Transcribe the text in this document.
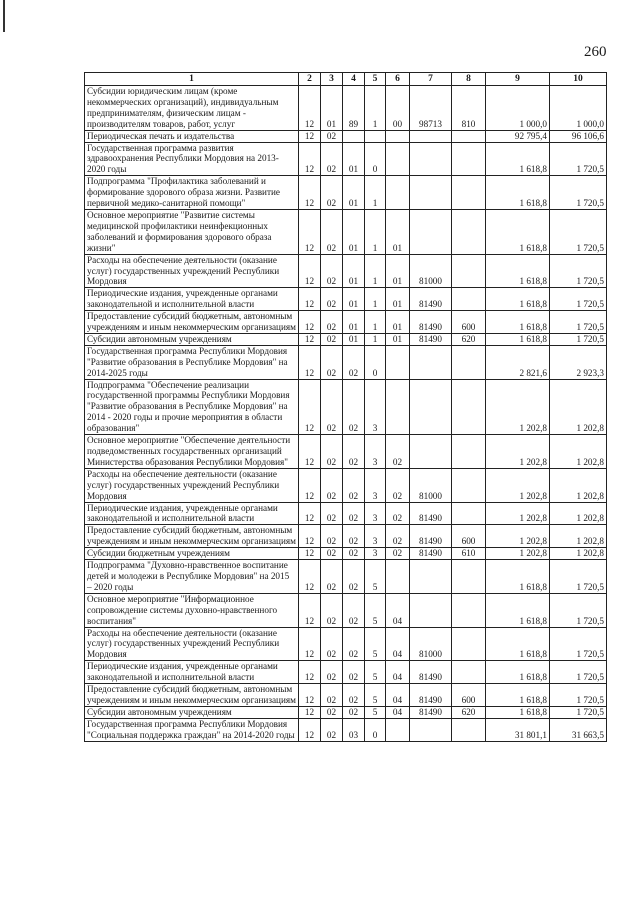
260
1	2	3	4	5	6	7	8	9	10
Субсидии юридическим лицам (кроме некоммерческих организаций), индивидуальным предпринимателям, физическим лицам - производителям товаров, работ, услуг	12	01	89	1	00	98713	810	1 000,0	1 000,0
Периодическая печать и издательства	12	02						92 795,4	96 106,6
Государственная программа развития здравоохранения Республики Мордовия на 2013-2020 годы	12	02	01	0				1 618,8	1 720,5
Подпрограмма "Профилактика заболеваний и формирование здорового образа жизни. Развитие первичной медико-санитарной помощи"	12	02	01	1				1 618,8	1 720,5
Основное мероприятие "Развитие системы медицинской профилактики неинфекционных заболеваний и формирования здорового образа жизни"	12	02	01	1	01			1 618,8	1 720,5
Расходы на обеспечение деятельности (оказание услуг) государственных учреждений Республики Мордовия	12	02	01	1	01	81000		1 618,8	1 720,5
Периодические издания, учрежденные органами законодательной и исполнительной власти	12	02	01	1	01	81490		1 618,8	1 720,5
Предоставление субсидий бюджетным, автономным учреждениям и иным некоммерческим организациям	12	02	01	1	01	81490	600	1 618,8	1 720,5
Субсидии автономным учреждениям	12	02	01	1	01	81490	620	1 618,8	1 720,5
Государственная программа Республики Мордовия "Развитие образования в Республике Мордовия" на 2014-2025 годы	12	02	02	0				2 821,6	2 923,3
Подпрограмма "Обеспечение реализации государственной программы Республики Мордовия "Развитие образования в Республике Мордовия" на 2014 - 2020 годы и прочие мероприятия в области образования"	12	02	02	3				1 202,8	1 202,8
Основное мероприятие "Обеспечение деятельности подведомственных государственных организаций Министерства образования Республики Мордовия"	12	02	02	3	02			1 202,8	1 202,8
Расходы на обеспечение деятельности (оказание услуг) государственных учреждений Республики Мордовия	12	02	02	3	02	81000		1 202,8	1 202,8
Периодические издания, учрежденные органами законодательной и исполнительной власти	12	02	02	3	02	81490		1 202,8	1 202,8
Предоставление субсидий бюджетным, автономным учреждениям и иным некоммерческим организациям	12	02	02	3	02	81490	600	1 202,8	1 202,8
Субсидии бюджетным учреждениям	12	02	02	3	02	81490	610	1 202,8	1 202,8
Подпрограмма "Духовно-нравственное воспитание детей и молодежи в Республике Мордовия" на 2015 – 2020 годы	12	02	02	5				1 618,8	1 720,5
Основное мероприятие "Информационное сопровождение системы духовно-нравственного воспитания"	12	02	02	5	04			1 618,8	1 720,5
Расходы на обеспечение деятельности (оказание услуг) государственных учреждений Республики Мордовия	12	02	02	5	04	81000		1 618,8	1 720,5
Периодические издания, учрежденные органами законодательной и исполнительной власти	12	02	02	5	04	81490		1 618,8	1 720,5
Предоставление субсидий бюджетным, автономным учреждениям и иным некоммерческим организациям	12	02	02	5	04	81490	600	1 618,8	1 720,5
Субсидии автономным учреждениям	12	02	02	5	04	81490	620	1 618,8	1 720,5
Государственная программа Республики Мордовия "Социальная поддержка граждан" на 2014-2020 годы	12	02	03	0				31 801,1	31 663,5
